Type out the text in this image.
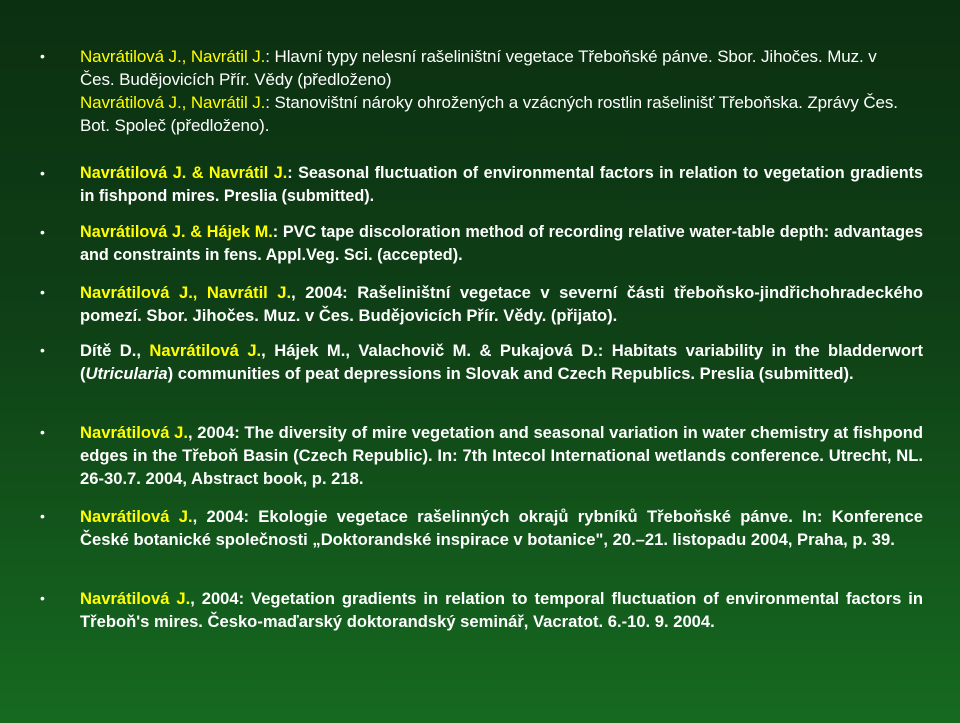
• Navrátilová J., Navrátil J.: Hlavní typy nelesní rašeliništní vegetace Třeboňské pánve. Sbor. Jihočes. Muz. v Čes. Budějovicích Přír. Vědy (předloženo)

Navrátilová J., Navrátil J.: Stanovištní nároky ohrožených a vzácných rostlin rašelinišť Třeboňska. Zprávy Čes. Bot. Společ (předloženo).

•	Navrátilová J. & Navrátil J.: Seasonal fluctuation of environmental factors in relation to vegetation gradients in fishpond mires. Preslia (submitted).

•	Navrátilová J. & Hájek M.: PVC tape discoloration method of recording relative water-table depth: advantages and constraints in fens. Appl.Veg. Sci. (accepted).

•	Navrátilová J., Navrátil J., 2004: Rašeliništní vegetace v severní části třeboňsko-jindřichohradeckého pomezí. Sbor. Jihočes. Muz. v Čes. Budějovicích Přír. Vědy. (přijato).

•	Dítě D., Navrátilová J., Hájek M., Valachovič M. & Pukajová D.: Habitats variability in the bladderwort (Utricularia) communities of peat depressions in Slovak and Czech Republics. Preslia (submitted).

•	Navrátilová J., 2004: The diversity of mire vegetation and seasonal variation in water chemistry at fishpond edges in the Třeboň Basin (Czech Republic). In: 7th Intecol International wetlands conference. Utrecht, NL. 26-30.7. 2004, Abstract book, p. 218.

•	Navrátilová J., 2004: Ekologie vegetace rašelinných okrajů rybníků Třeboňské pánve. In: Konference České botanické společnosti „Doktorandské inspirace v botanice", 20.–21. listopadu 2004, Praha, p. 39.

•	Navrátilová J., 2004: Vegetation gradients in relation to temporal fluctuation of environmental factors in Třeboň's mires. Česko-maďarský doktorandský seminář, Vacratot. 6.-10. 9. 2004.
